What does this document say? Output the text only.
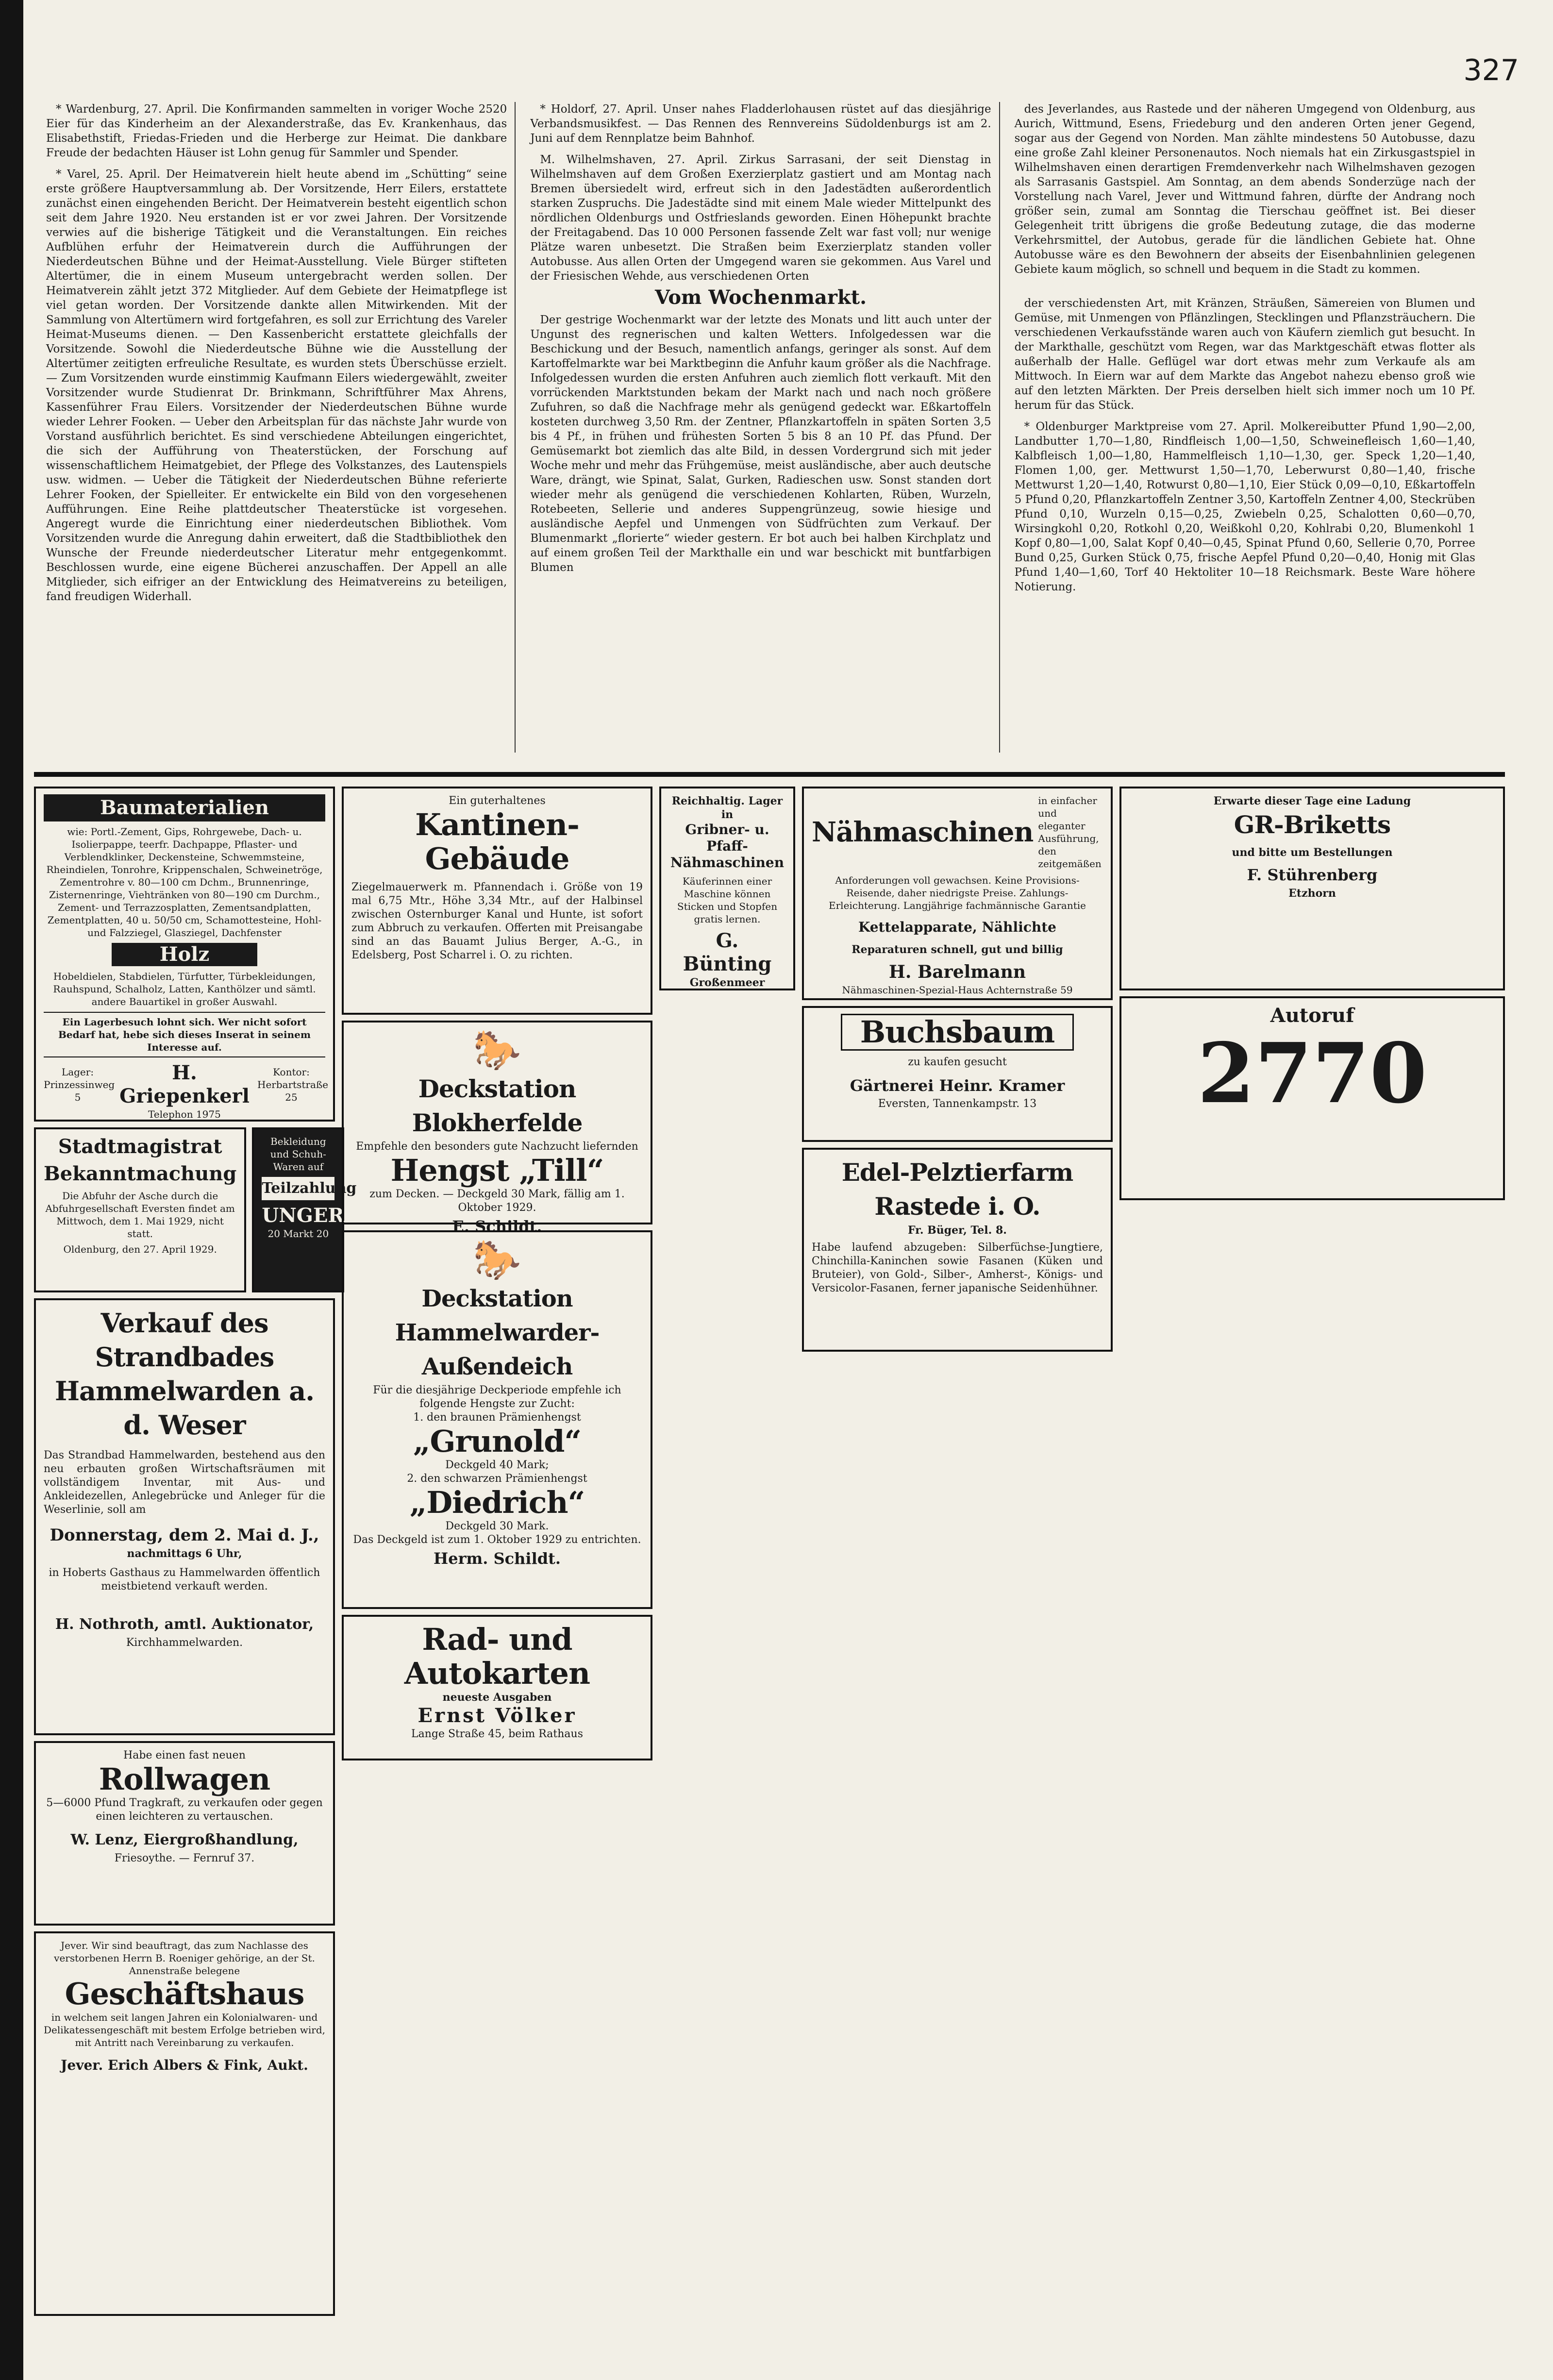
327

* Wardenburg, 27. April. Die Konfirmanden sammelten in voriger Woche 2520 Eier für das Kinderheim an der Alexanderstraße, das Ev. Krankenhaus, das Elisabethstift, Friedas-Frieden und die Herberge zur Heimat. Die dankbare Freude der bedachten Häuser ist Lohn genug für Sammler und Spender.

* Varel, 25. April. Der Heimatverein hielt heute abend im „Schütting“ seine erste größere Hauptversammlung ab. Der Vorsitzende, Herr Eilers, erstattete zunächst einen eingehenden Bericht. Der Heimatverein besteht eigentlich schon seit dem Jahre 1920. Neu erstanden ist er vor zwei Jahren. Der Vorsitzende verwies auf die bisherige Tätigkeit und die Veranstaltungen. Ein reiches Aufblühen erfuhr der Heimatverein durch die Aufführungen der Niederdeutschen Bühne und der Heimat-Ausstellung. Viele Bürger stifteten Altertümer, die in einem Museum untergebracht werden sollen. Der Heimatverein zählt jetzt 372 Mitglieder. Auf dem Gebiete der Heimatpflege ist viel getan worden. Der Vorsitzende dankte allen Mitwirkenden. Mit der Sammlung von Altertümern wird fortgefahren, es soll zur Errichtung des Vareler Heimat-Museums dienen. — Den Kassenbericht erstattete gleichfalls der Vorsitzende. Sowohl die Niederdeutsche Bühne wie die Ausstellung der Altertümer zeitigten erfreuliche Resultate, es wurden stets Überschüsse erzielt. — Zum Vorsitzenden wurde einstimmig Kaufmann Eilers wiedergewählt, zweiter Vorsitzender wurde Studienrat Dr. Brinkmann, Schriftführer Max Ahrens, Kassenführer Frau Eilers. Vorsitzender der Niederdeutschen Bühne wurde wieder Lehrer Fooken. — Ueber den Arbeitsplan für das nächste Jahr wurde von Vorstand ausführlich berichtet. Es sind verschiedene Abteilungen eingerichtet, die sich der Aufführung von Theaterstücken, der Forschung auf wissenschaftlichem Heimatgebiet, der Pflege des Volkstanzes, des Lautenspiels usw. widmen. — Ueber die Tätigkeit der Niederdeutschen Bühne referierte Lehrer Fooken, der Spielleiter. Er entwickelte ein Bild von den vorgesehenen Aufführungen. Eine Reihe plattdeutscher Theaterstücke ist vorgesehen. Angeregt wurde die Einrichtung einer niederdeutschen Bibliothek. Vom Vorsitzenden wurde die Anregung dahin erweitert, daß die Stadtbibliothek den Wunsche der Freunde niederdeutscher Literatur mehr entgegenkommt. Beschlossen wurde, eine eigene Bücherei anzuschaffen. Der Appell an alle Mitglieder, sich eifriger an der Entwicklung des Heimatvereins zu beteiligen, fand freudigen Widerhall.

* Holdorf, 27. April. Unser nahes Fladderlohausen rüstet auf das diesjährige Verbandsmusikfest. — Das Rennen des Rennvereins Südoldenburgs ist am 2. Juni auf dem Rennplatze beim Bahnhof.

M. Wilhelmshaven, 27. April. Zirkus Sarrasani, der seit Dienstag in Wilhelmshaven auf dem Großen Exerzierplatz gastiert und am Montag nach Bremen übersiedelt wird, erfreut sich in den Jadestädten außerordentlich starken Zuspruchs. Die Jadestädte sind mit einem Male wieder Mittelpunkt des nördlichen Oldenburgs und Ostfrieslands geworden. Einen Höhepunkt brachte der Freitagabend. Das 10 000 Personen fassende Zelt war fast voll; nur wenige Plätze waren unbesetzt. Die Straßen beim Exerzierplatz standen voller Autobusse. Aus allen Orten der Umgegend waren sie gekommen. Aus Varel und der Friesischen Wehde, aus verschiedenen Orten

Vom Wochenmarkt.

Der gestrige Wochenmarkt war der letzte des Monats und litt auch unter der Ungunst des regnerischen und kalten Wetters. Infolgedessen war die Beschickung und der Besuch, namentlich anfangs, geringer als sonst. Auf dem Kartoffelmarkte war bei Marktbeginn die Anfuhr kaum größer als die Nachfrage. Infolgedessen wurden die ersten Anfuhren auch ziemlich flott verkauft. Mit den vorrückenden Marktstunden bekam der Markt nach und nach noch größere Zufuhren, so daß die Nachfrage mehr als genügend gedeckt war. Eßkartoffeln kosteten durchweg 3,50 Rm. der Zentner, Pflanzkartoffeln in späten Sorten 3,5 bis 4 Pf., in frühen und frühesten Sorten 5 bis 8 an 10 Pf. das Pfund. Der Gemüsemarkt bot ziemlich das alte Bild, in dessen Vordergrund sich mit jeder Woche mehr und mehr das Frühgemüse, meist ausländische, aber auch deutsche Ware, drängt, wie Spinat, Salat, Gurken, Radieschen usw. Sonst standen dort wieder mehr als genügend die verschiedenen Kohlarten, Rüben, Wurzeln, Rotebeeten, Sellerie und anderes Suppengrünzeug, sowie hiesige und ausländische Aepfel und Unmengen von Südfrüchten zum Verkauf. Der Blumenmarkt „florierte“ wieder gestern. Er bot auch bei halben Kirchplatz und auf einem großen Teil der Markthalle ein und war beschickt mit buntfarbigen Blumen

des Jeverlandes, aus Rastede und der näheren Umgegend von Oldenburg, aus Aurich, Wittmund, Esens, Friedeburg und den anderen Orten jener Gegend, sogar aus der Gegend von Norden. Man zählte mindestens 50 Autobusse, dazu eine große Zahl kleiner Personenautos. Noch niemals hat ein Zirkusgastspiel in Wilhelmshaven einen derartigen Fremdenverkehr nach Wilhelmshaven gezogen als Sarrasanis Gastspiel. Am Sonntag, an dem abends Sonderzüge nach der Vorstellung nach Varel, Jever und Wittmund fahren, dürfte der Andrang noch größer sein, zumal am Sonntag die Tierschau geöffnet ist. Bei dieser Gelegenheit tritt übrigens die große Bedeutung zutage, die das moderne Verkehrsmittel, der Autobus, gerade für die ländlichen Gebiete hat. Ohne Autobusse wäre es den Bewohnern der abseits der Eisenbahnlinien gelegenen Gebiete kaum möglich, so schnell und bequem in die Stadt zu kommen.

der verschiedensten Art, mit Kränzen, Sträußen, Sämereien von Blumen und Gemüse, mit Unmengen von Pflänzlingen, Stecklingen und Pflanzsträuchern. Die verschiedenen Verkaufsstände waren auch von Käufern ziemlich gut besucht. In der Markthalle, geschützt vom Regen, war das Marktgeschäft etwas flotter als außerhalb der Halle. Geflügel war dort etwas mehr zum Verkaufe als am Mittwoch. In Eiern war auf dem Markte das Angebot nahezu ebenso groß wie auf den letzten Märkten. Der Preis derselben hielt sich immer noch um 10 Pf. herum für das Stück.

* Oldenburger Marktpreise vom 27. April. Molkereibutter Pfund 1,90—2,00, Landbutter 1,70—1,80, Rindfleisch 1,00—1,50, Schweinefleisch 1,60—1,40, Kalbfleisch 1,00—1,80, Hammelfleisch 1,10—1,30, ger. Speck 1,20—1,40, Flomen 1,00, ger. Mettwurst 1,50—1,70, Leberwurst 0,80—1,40, frische Mettwurst 1,20—1,40, Rotwurst 0,80—1,10, Eier Stück 0,09—0,10, Eßkartoffeln 5 Pfund 0,20, Pflanzkartoffeln Zentner 3,50, Kartoffeln Zentner 4,00, Steckrüben Pfund 0,10, Wurzeln 0,15—0,25, Zwiebeln 0,25, Schalotten 0,60—0,70, Wirsingkohl 0,20, Rotkohl 0,20, Weißkohl 0,20, Kohlrabi 0,20, Blumenkohl 1 Kopf 0,80—1,00, Salat Kopf 0,40—0,45, Spinat Pfund 0,60, Sellerie 0,70, Porree Bund 0,25, Gurken Stück 0,75, frische Aepfel Pfund 0,20—0,40, Honig mit Glas Pfund 1,40—1,60, Torf 40 Hektoliter 10—18 Reichsmark. Beste Ware höhere Notierung.

Baumaterialien
wie: Portl.-Zement, Gips, Rohrgewebe, Dach- u. Isolierpappe, teerfr. Dachpappe, Pflaster- und Verblendklinker, Deckensteine, Schwemmsteine, Rheindielen, Tonrohre, Krippenschalen, Schweinetröge, Zementrohre v. 80—100 cm Dchm., Brunnenringe, Zisternenringe, Viehtränken von 80—190 cm Durchm., Zement- und Terrazzosplatten, Zementsandplatten, Zementplatten, 40 u. 50/50 cm, Schamottesteine, Hohl- und Falzziegel, Glasziegel, Dachfenster
Holz
Hobeldielen, Stabdielen, Türfutter, Türbekleidungen, Rauhspund, Schalholz, Latten, Kanthölzer und sämtl. andere Bauartikel in großer Auswahl.
Ein Lagerbesuch lohnt sich. Wer nicht sofort Bedarf hat, hebe sich dieses Inserat in seinem Interesse auf.
Lager: Prinzessinweg 5
H. Griepenkerl
Kontor: Herbartstraße 25
Telephon 1975
Stadtmagistrat
Bekanntmachung
Die Abfuhr der Asche durch die Abfuhrgesellschaft Eversten findet am Mittwoch, dem 1. Mai 1929, nicht statt.
Oldenburg, den 27. April 1929.
Bekleidung und Schuh-Waren auf
Teilzahlung
UNGER
20 Markt 20
Verkauf des Strandbades Hammelwarden a. d. Weser
Das Strandbad Hammelwarden, bestehend aus den neu erbauten großen Wirtschaftsräumen mit vollständigem Inventar, mit Aus- und Ankleidezellen, Anlegebrücke und Anleger für die Weserlinie, soll am
Donnerstag, dem 2. Mai d. J.,
nachmittags 6 Uhr,
in Hoberts Gasthaus zu Hammelwarden öffentlich meistbietend verkauft werden.
H. Nothroth, amtl. Auktionator,
Kirchhammelwarden.
Habe einen fast neuen
Rollwagen
5—6000 Pfund Tragkraft, zu verkaufen oder gegen einen leichteren zu vertauschen.
W. Lenz, Eiergroßhandlung,
Friesoythe. — Fernruf 37.
Jever. Wir sind beauftragt, das zum Nachlasse des verstorbenen Herrn B. Roeniger gehörige, an der St. Annenstraße belegene
Geschäftshaus
in welchem seit langen Jahren ein Kolonialwaren- und Delikatessengeschäft mit bestem Erfolge betrieben wird, mit Antritt nach Vereinbarung zu verkaufen.
Jever. Erich Albers & Fink, Aukt.
Ein guterhaltenes
Kantinen-Gebäude
Ziegelmauerwerk m. Pfannendach i. Größe von 19 mal 6,75 Mtr., Höhe 3,34 Mtr., auf der Halbinsel zwischen Osternburger Kanal und Hunte, ist sofort zum Abbruch zu verkaufen. Offerten mit Preisangabe sind an das Bauamt Julius Berger, A.-G., in Edelsberg, Post Scharrel i. O. zu richten.
🐎
Deckstation Blokherfelde
Empfehle den besonders gute Nachzucht liefernden
Hengst „Till“
zum Decken. — Deckgeld 30 Mark, fällig am 1. Oktober 1929.
E. Schildt.
🐎
Deckstation Hammelwarder-Außendeich
Für die diesjährige Deckperiode empfehle ich folgende Hengste zur Zucht:
1. den braunen Prämienhengst
„Grunold“
Deckgeld 40 Mark;
2. den schwarzen Prämienhengst
„Diedrich“
Deckgeld 30 Mark.
Das Deckgeld ist zum 1. Oktober 1929 zu entrichten.
Herm. Schildt.
Rad- und Autokarten
neueste Ausgaben
Ernst Völker
Lange Straße 45, beim Rathaus
Reichhaltig. Lager in
Gribner- u. Pfaff-Nähmaschinen
Käuferinnen einer Maschine können Sticken und Stopfen gratis lernen.
G. Bünting
Großenmeer
Nähmaschinen
in einfacher und eleganter Ausführung, den zeitgemäßen
Anforderungen voll gewachsen. Keine Provisions-Reisende, daher niedrigste Preise. Zahlungs-Erleichterung. Langjährige fachmännische Garantie
Kettelapparate, Nählichte
Reparaturen schnell, gut und billig
H. Barelmann
Nähmaschinen-Spezial-Haus Achternstraße 59
Buchsbaum
zu kaufen gesucht
Gärtnerei Heinr. Kramer
Eversten, Tannenkampstr. 13
Edel-Pelztierfarm Rastede i. O.
Fr. Büger, Tel. 8.
Habe laufend abzugeben: Silberfüchse-Jungtiere, Chinchilla-Kaninchen sowie Fasanen (Küken und Bruteier), von Gold-, Silber-, Amherst-, Königs- und Versicolor-Fasanen, ferner japanische Seidenhühner.
Erwarte dieser Tage eine Ladung
GR-Briketts
und bitte um Bestellungen
F. Stührenberg
Etzhorn
Autoruf
2770
